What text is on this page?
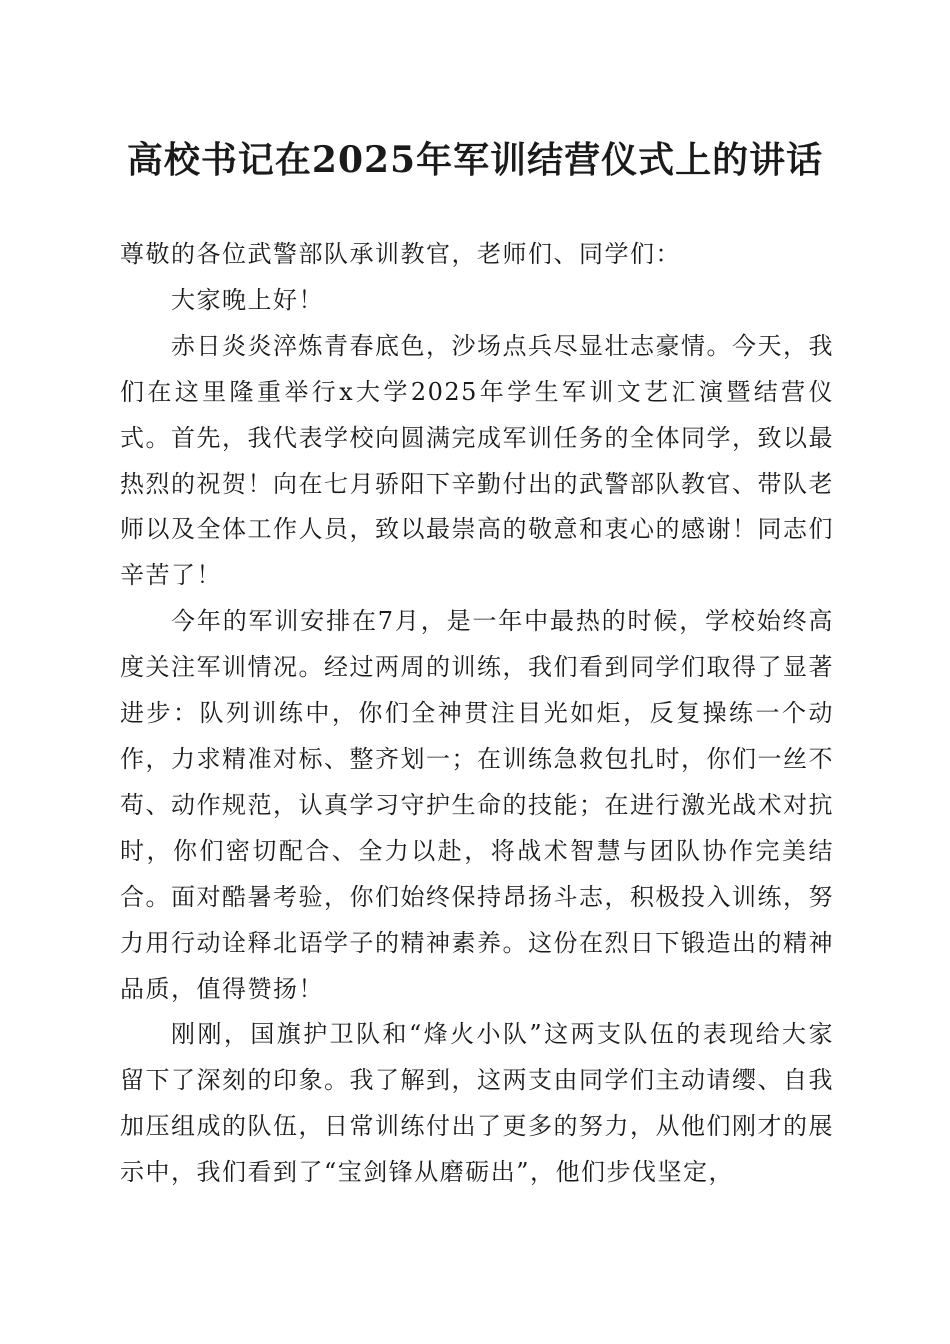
高校书记在2025年军训结营仪式上的讲话

尊敬的各位武警部队承训教官，老师们、同学们：

大家晚上好！

赤日炎炎淬炼青春底色，沙场点兵尽显壮志豪情。今天，我们在这里隆重举行x大学2025年学生军训文艺汇演暨结营仪式。首先，我代表学校向圆满完成军训任务的全体同学，致以最热烈的祝贺！向在七月骄阳下辛勤付出的武警部队教官、带队老师以及全体工作人员，致以最崇高的敬意和衷心的感谢！同志们辛苦了！

今年的军训安排在7月，是一年中最热的时候，学校始终高度关注军训情况。经过两周的训练，我们看到同学们取得了显著进步：队列训练中，你们全神贯注目光如炬，反复操练一个动作，力求精准对标、整齐划一；在训练急救包扎时，你们一丝不苟、动作规范，认真学习守护生命的技能；在进行激光战术对抗时，你们密切配合、全力以赴，将战术智慧与团队协作完美结合。面对酷暑考验，你们始终保持昂扬斗志，积极投入训练，努力用行动诠释北语学子的精神素养。这份在烈日下锻造出的精神品质，值得赞扬！

刚刚，国旗护卫队和“烽火小队”这两支队伍的表现给大家留下了深刻的印象。我了解到，这两支由同学们主动请缨、自我加压组成的队伍，日常训练付出了更多的努力，从他们刚才的展示中，我们看到了“宝剑锋从磨砺出”，他们步伐坚定，
